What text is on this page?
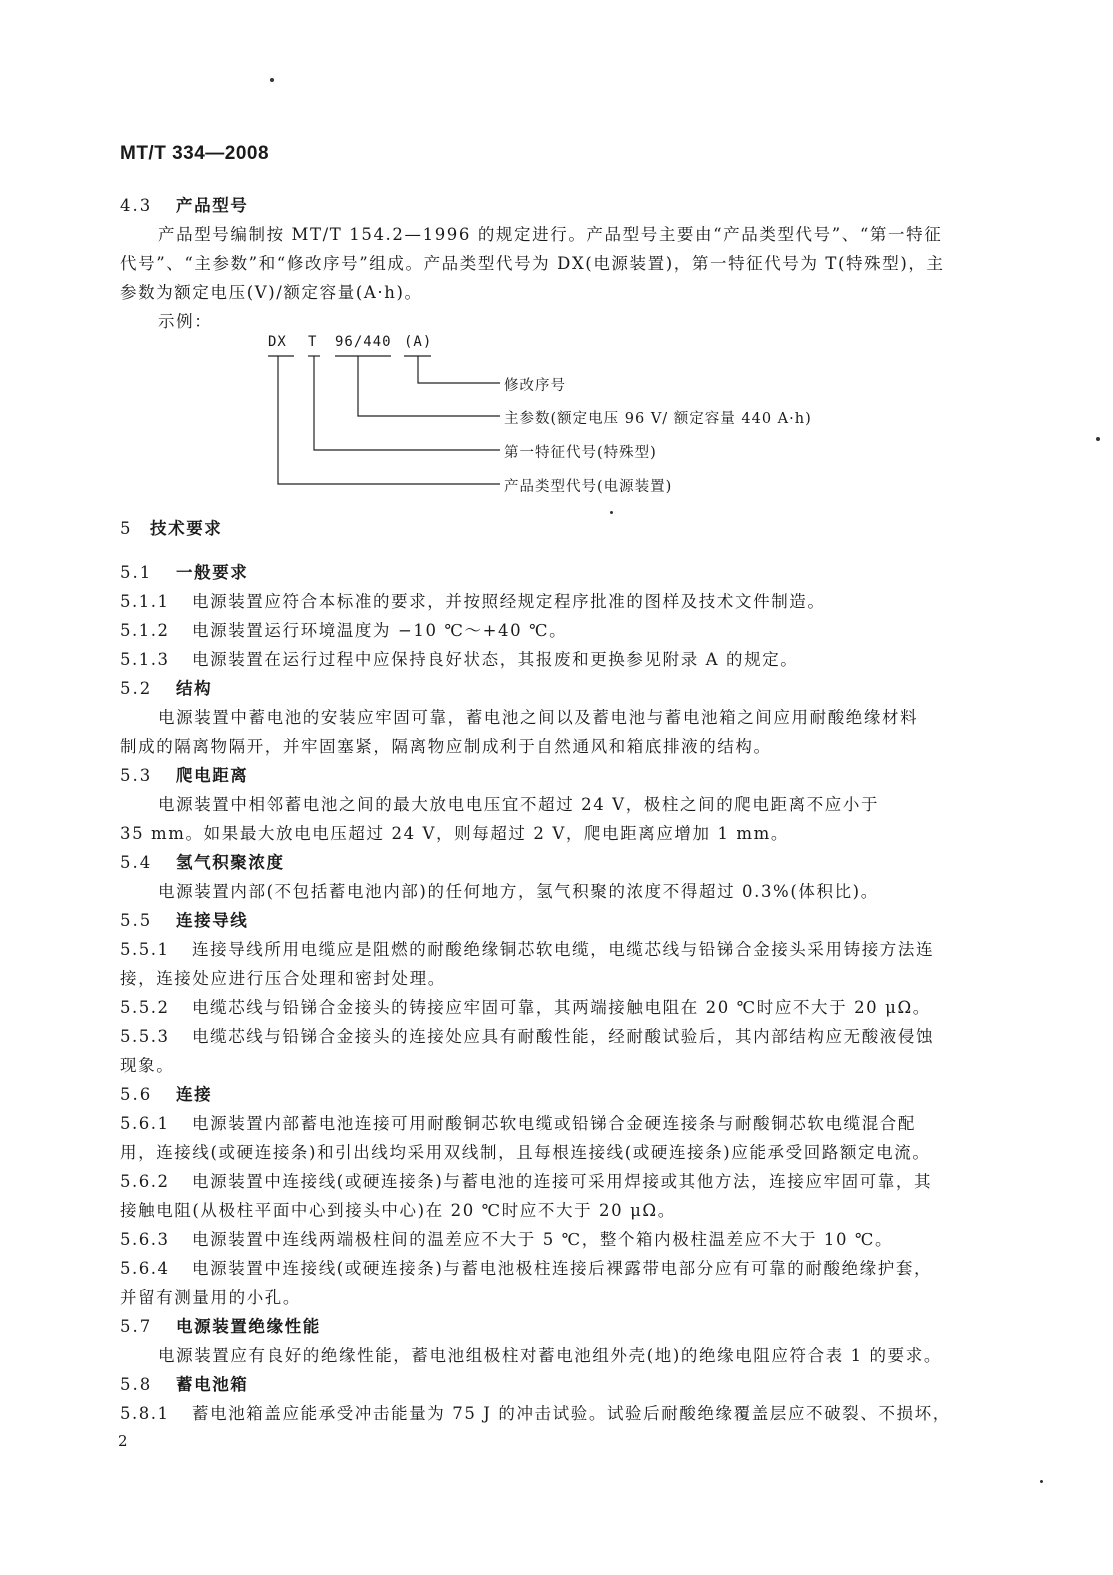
MT/T 334—2008
4.3 产品型号
产品型号编制按 MT/T 154.2—1996 的规定进行。产品型号主要由“产品类型代号”、“第一特征
代号”、“主参数”和“修改序号”组成。产品类型代号为 DX(电源装置)，第一特征代号为 T(特殊型)，主
参数为额定电压(V)/额定容量(A·h)。
示例：
DX T 96/440 (A)
修改序号
主参数(额定电压 96 V/ 额定容量 440 A·h)
第一特征代号(特殊型)
产品类型代号(电源装置)
5 技术要求
5.1 一般要求
5.1.1 电源装置应符合本标准的要求，并按照经规定程序批准的图样及技术文件制造。
5.1.2 电源装置运行环境温度为 −10 ℃～+40 ℃。
5.1.3 电源装置在运行过程中应保持良好状态，其报废和更换参见附录 A 的规定。
5.2 结构
电源装置中蓄电池的安装应牢固可靠，蓄电池之间以及蓄电池与蓄电池箱之间应用耐酸绝缘材料
制成的隔离物隔开，并牢固塞紧，隔离物应制成利于自然通风和箱底排液的结构。
5.3 爬电距离
电源装置中相邻蓄电池之间的最大放电电压宜不超过 24 V，极柱之间的爬电距离不应小于
35 mm。如果最大放电电压超过 24 V，则每超过 2 V，爬电距离应增加 1 mm。
5.4 氢气积聚浓度
电源装置内部(不包括蓄电池内部)的任何地方，氢气积聚的浓度不得超过 0.3%(体积比)。
5.5 连接导线
5.5.1 连接导线所用电缆应是阻燃的耐酸绝缘铜芯软电缆，电缆芯线与铅锑合金接头采用铸接方法连
接，连接处应进行压合处理和密封处理。
5.5.2 电缆芯线与铅锑合金接头的铸接应牢固可靠，其两端接触电阻在 20 ℃时应不大于 20 μΩ。
5.5.3 电缆芯线与铅锑合金接头的连接处应具有耐酸性能，经耐酸试验后，其内部结构应无酸液侵蚀
现象。
5.6 连接
5.6.1 电源装置内部蓄电池连接可用耐酸铜芯软电缆或铅锑合金硬连接条与耐酸铜芯软电缆混合配
用，连接线(或硬连接条)和引出线均采用双线制，且每根连接线(或硬连接条)应能承受回路额定电流。
5.6.2 电源装置中连接线(或硬连接条)与蓄电池的连接可采用焊接或其他方法，连接应牢固可靠，其
接触电阻(从极柱平面中心到接头中心)在 20 ℃时应不大于 20 μΩ。
5.6.3 电源装置中连线两端极柱间的温差应不大于 5 ℃，整个箱内极柱温差应不大于 10 ℃。
5.6.4 电源装置中连接线(或硬连接条)与蓄电池极柱连接后裸露带电部分应有可靠的耐酸绝缘护套，
并留有测量用的小孔。
5.7 电源装置绝缘性能
电源装置应有良好的绝缘性能，蓄电池组极柱对蓄电池组外壳(地)的绝缘电阻应符合表 1 的要求。
5.8 蓄电池箱
5.8.1 蓄电池箱盖应能承受冲击能量为 75 J 的冲击试验。试验后耐酸绝缘覆盖层应不破裂、不损坏，
2
